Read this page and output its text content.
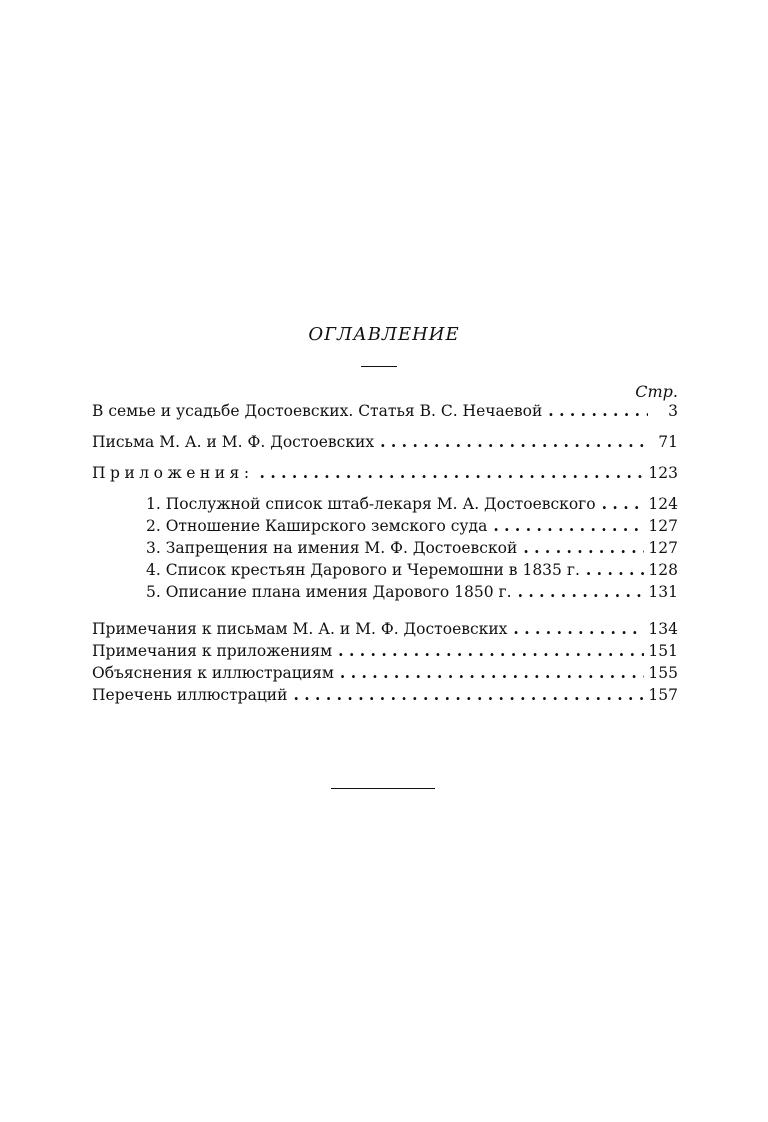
ОГЛАВЛЕНИЕ
Стр.
В семье и усадьбе Достоевских. Статья В. С. Нечаевой . . .	3
Письма М. А. и М. Ф. Достоевских . . .	71
Приложения: . . .	123
1. Послужной список штаб-лекаря М. А. Достоевского . . .	124
2. Отношение Каширского земского суда . . .	127
3. Запрещения на имения М. Ф. Достоевской . . .	127
4. Список крестьян Дарового и Черемошни в 1835 г. . . .	128
5. Описание плана имения Дарового 1850 г. . . .	131
Примечания к письмам М. А. и М. Ф. Достоевских . . .	134
Примечания к приложениям . . .	151
Объяснения к иллюстрациям . . .	155
Перечень иллюстраций . . .	157
